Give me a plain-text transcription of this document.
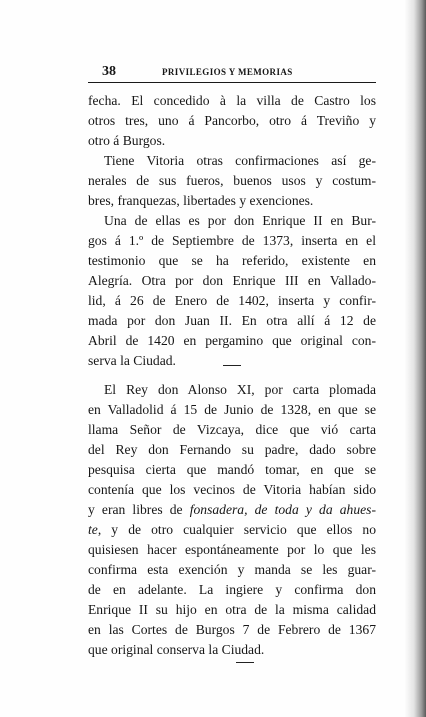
38	PRIVILEGIOS Y MEMORIAS

fecha. El concedido à la villa de Castro los
otros tres, uno á Pancorbo, otro á Treviño y
otro á Burgos.

Tiene Vitoria otras confirmaciones así ge-
nerales de sus fueros, buenos usos y costum-
bres, franquezas, libertades y exenciones.

Una de ellas es por don Enrique II en Bur-
gos á 1.º de Septiembre de 1373, inserta en el
testimonio que se ha referido, existente en
Alegría. Otra por don Enrique III en Valladо-
lid, á 26 de Enero de 1402, inserta y confir-
mada por don Juan II. En otra allí á 12 de
Abril de 1420 en pergamino que original con-
serva la Ciudad.

El Rey don Alonso XI, por carta plomada
en Valladolid á 15 de Junio de 1328, en que se
llama Señor de Vizcaya, dice que vió carta
del Rey don Fernando su padre, dado sobre
pesquisa cierta que mandó tomar, en que se
contenía que los vecinos de Vitoria habían sido
y eran libres de fonsadera, de toda y da ahues-
te, y de otro cualquier servicio que ellos no
quisiesen hacer espontáneamente por lo que les
confirma esta exención y manda se les guar-
de en adelante. La ingiere y confirma don
Enrique II su hijo en otra de la misma calidad
en las Cortes de Burgos 7 de Febrero de 1367
que original conserva la Ciudad.
